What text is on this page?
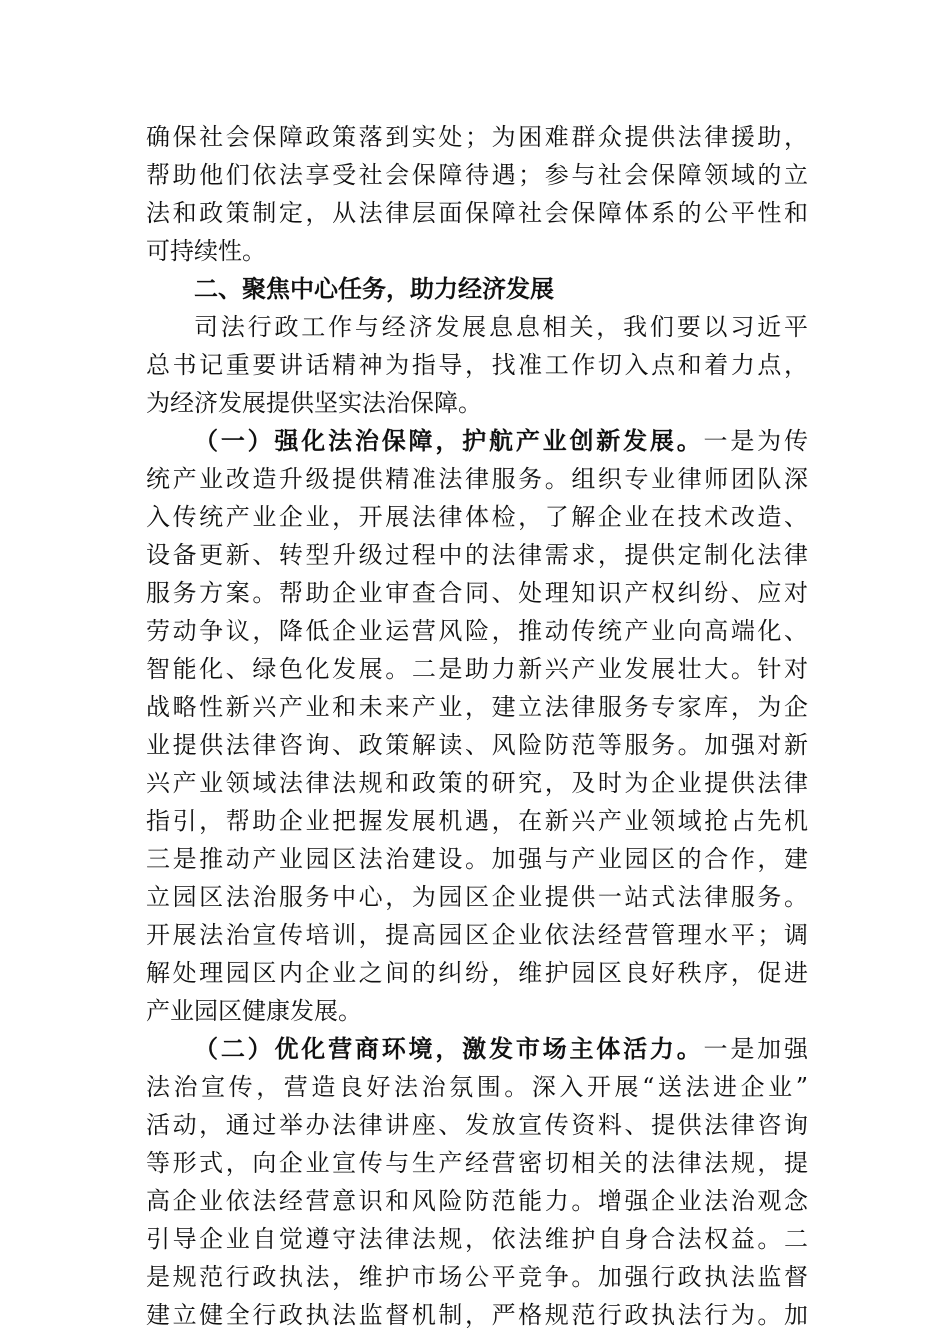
确保社会保障政策落到实处；为困难群众提供法律援助，
帮助他们依法享受社会保障待遇；参与社会保障领域的立
法和政策制定，从法律层面保障社会保障体系的公平性和
可持续性。
二、聚焦中心任务，助力经济发展
司法行政工作与经济发展息息相关，我们要以习近平
总书记重要讲话精神为指导，找准工作切入点和着力点，
为经济发展提供坚实法治保障。
（一）强化法治保障，护航产业创新发展。一是为传
统产业改造升级提供精准法律服务。组织专业律师团队深
入传统产业企业，开展法律体检，了解企业在技术改造、
设备更新、转型升级过程中的法律需求，提供定制化法律
服务方案。帮助企业审查合同、处理知识产权纠纷、应对
劳动争议，降低企业运营风险，推动传统产业向高端化、
智能化、绿色化发展。二是助力新兴产业发展壮大。针对
战略性新兴产业和未来产业，建立法律服务专家库，为企
业提供法律咨询、政策解读、风险防范等服务。加强对新
兴产业领域法律法规和政策的研究，及时为企业提供法律
指引，帮助企业把握发展机遇，在新兴产业领域抢占先机
三是推动产业园区法治建设。加强与产业园区的合作，建
立园区法治服务中心，为园区企业提供一站式法律服务。
开展法治宣传培训，提高园区企业依法经营管理水平；调
解处理园区内企业之间的纠纷，维护园区良好秩序，促进
产业园区健康发展。
（二）优化营商环境，激发市场主体活力。一是加强
法治宣传，营造良好法治氛围。深入开展“送法进企业”
活动，通过举办法律讲座、发放宣传资料、提供法律咨询
等形式，向企业宣传与生产经营密切相关的法律法规，提
高企业依法经营意识和风险防范能力。增强企业法治观念
引导企业自觉遵守法律法规，依法维护自身合法权益。二
是规范行政执法，维护市场公平竞争。加强行政执法监督
建立健全行政执法监督机制，严格规范行政执法行为。加
